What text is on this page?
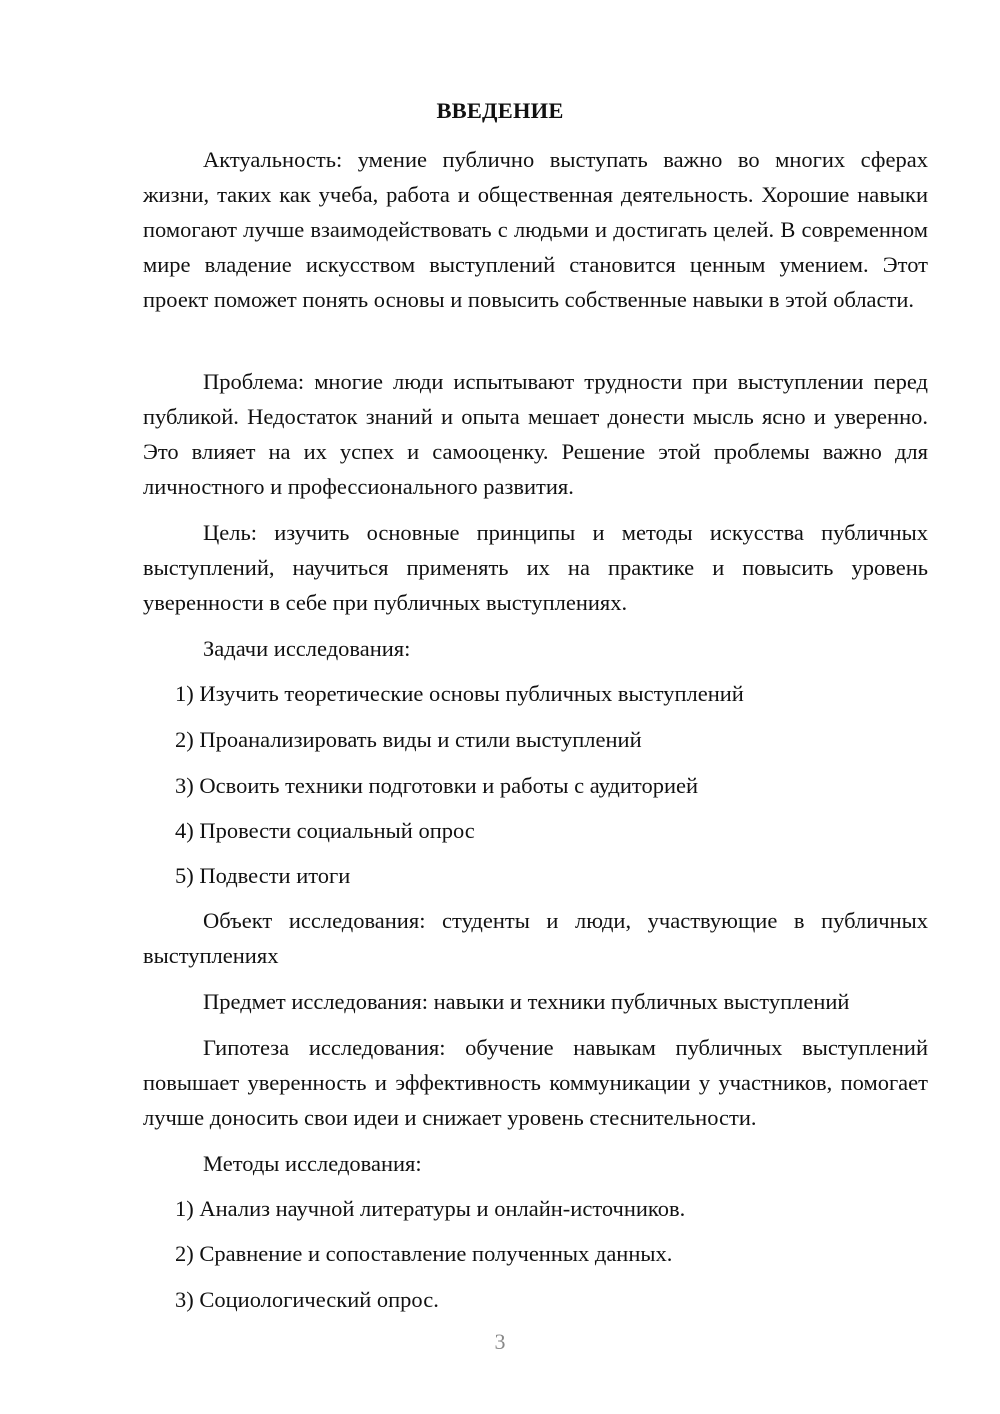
ВВЕДЕНИЕ

Актуальность: умение публично выступать важно во многих сферах жизни, таких как учеба, работа и общественная деятельность. Хорошие навыки помогают лучше взаимодействовать с людьми и достигать целей. В современном мире владение искусством выступлений становится ценным умением. Этот проект поможет понять основы и повысить собственные навыки в этой области.

Проблема: многие люди испытывают трудности при выступлении перед публикой. Недостаток знаний и опыта мешает донести мысль ясно и уверенно. Это влияет на их успех и самооценку. Решение этой проблемы важно для личностного и профессионального развития.

Цель: изучить основные принципы и методы искусства публичных выступлений, научиться применять их на практике и повысить уровень уверенности в себе при публичных выступлениях.

Задачи исследования:

1) Изучить теоретические основы публичных выступлений
2) Проанализировать виды и стили выступлений
3) Освоить техники подготовки и работы с аудиторией
4) Провести социальный опрос
5) Подвести итоги

Объект исследования: студенты и люди, участвующие в публичных выступлениях

Предмет исследования: навыки и техники публичных выступлений

Гипотеза исследования: обучение навыкам публичных выступлений повышает уверенность и эффективность коммуникации у участников, помогает лучше доносить свои идеи и снижает уровень стеснительности.

Методы исследования:

1) Анализ научной литературы и онлайн-источников.
2) Сравнение и сопоставление полученных данных.
3) Социологический опрос.
3
